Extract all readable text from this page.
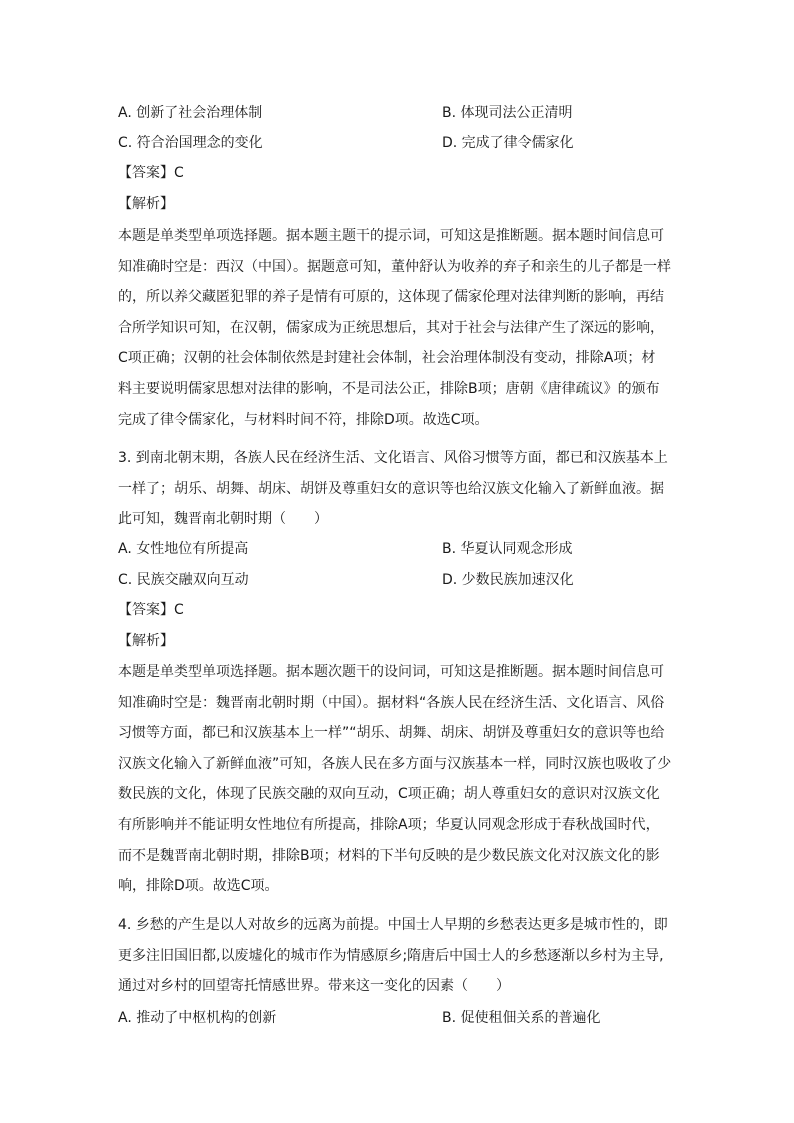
A. 创新了社会治理体制	B. 体现司法公正清明
C. 符合治国理念的变化	D. 完成了律令儒家化
【答案】C
【解析】
本题是单类型单项选择题。据本题主题干的提示词，可知这是推断题。据本题时间信息可
知准确时空是：西汉（中国）。据题意可知，董仲舒认为收养的弃子和亲生的儿子都是一样
的，所以养父藏匿犯罪的养子是情有可原的，这体现了儒家伦理对法律判断的影响，再结
合所学知识可知，在汉朝，儒家成为正统思想后，其对于社会与法律产生了深远的影响，
C项正确；汉朝的社会体制依然是封建社会体制，社会治理体制没有变动，排除A项；材
料主要说明儒家思想对法律的影响，不是司法公正，排除B项；唐朝《唐律疏议》的颁布
完成了律令儒家化，与材料时间不符，排除D项。故选C项。
3. 到南北朝末期，各族人民在经济生活、文化语言、风俗习惯等方面，都已和汉族基本上
一样了；胡乐、胡舞、胡床、胡饼及尊重妇女的意识等也给汉族文化输入了新鲜血液。据
此可知，魏晋南北朝时期（　　）
A. 女性地位有所提高	B. 华夏认同观念形成
C. 民族交融双向互动	D. 少数民族加速汉化
【答案】C
【解析】
本题是单类型单项选择题。据本题次题干的设问词，可知这是推断题。据本题时间信息可
知准确时空是：魏晋南北朝时期（中国）。据材料“各族人民在经济生活、文化语言、风俗
习惯等方面，都已和汉族基本上一样”“胡乐、胡舞、胡床、胡饼及尊重妇女的意识等也给
汉族文化输入了新鲜血液”可知，各族人民在多方面与汉族基本一样，同时汉族也吸收了少
数民族的文化，体现了民族交融的双向互动，C项正确；胡人尊重妇女的意识对汉族文化
有所影响并不能证明女性地位有所提高，排除A项；华夏认同观念形成于春秋战国时代，
而不是魏晋南北朝时期，排除B项；材料的下半句反映的是少数民族文化对汉族文化的影
响，排除D项。故选C项。
4. 乡愁的产生是以人对故乡的远离为前提。中国士人早期的乡愁表达更多是城市性的，即
更多注旧国旧都,以废墟化的城市作为情感原乡;隋唐后中国士人的乡愁逐渐以乡村为主导,
通过对乡村的回望寄托情感世界。带来这一变化的因素（　　）
A. 推动了中枢机构的创新	B. 促使租佃关系的普遍化
